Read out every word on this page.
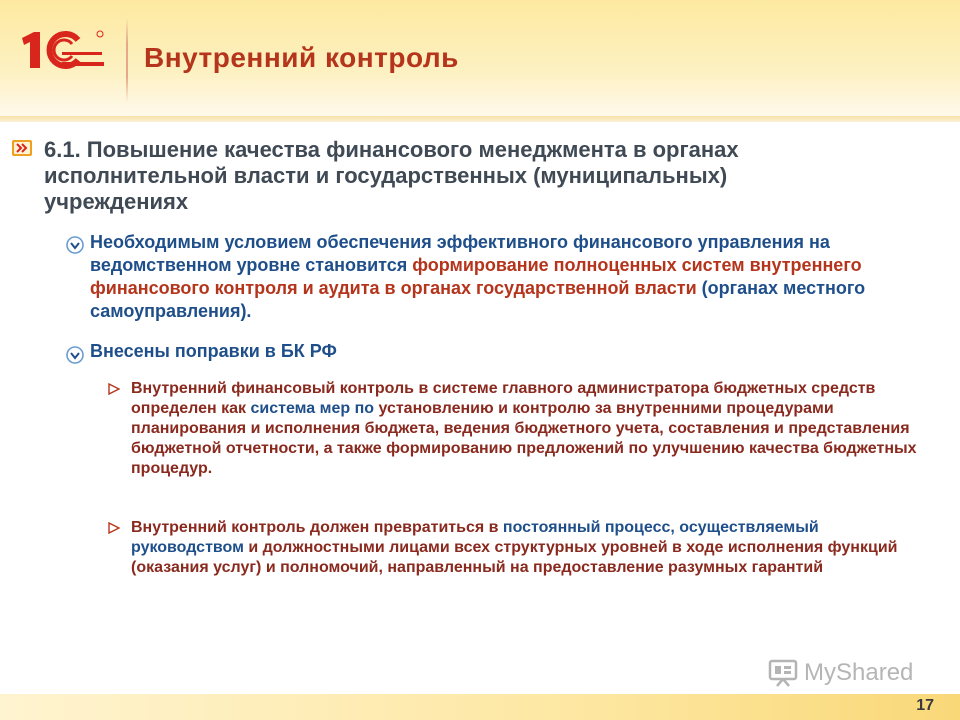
Внутренний контроль
6.1. Повышение качества финансового менеджмента в органах исполнительной власти и государственных (муниципальных) учреждениях
Необходимым условием обеспечения эффективного финансового управления на ведомственном уровне становится формирование полноценных систем внутреннего финансового контроля и аудита в органах государственной власти (органах местного самоуправления).
Внесены поправки в БК РФ
Внутренний финансовый контроль в системе главного администратора бюджетных средств определен как система мер по установлению и контролю за внутренними процедурами планирования и исполнения бюджета, ведения бюджетного учета, составления и представления бюджетной отчетности, а также формированию предложений по улучшению качества бюджетных процедур.
Внутренний контроль должен превратиться в постоянный процесс, осуществляемый руководством и должностными лицами всех структурных уровней в ходе исполнения функций (оказания услуг) и полномочий, направленный на предоставление разумных гарантий
MyShared
17
